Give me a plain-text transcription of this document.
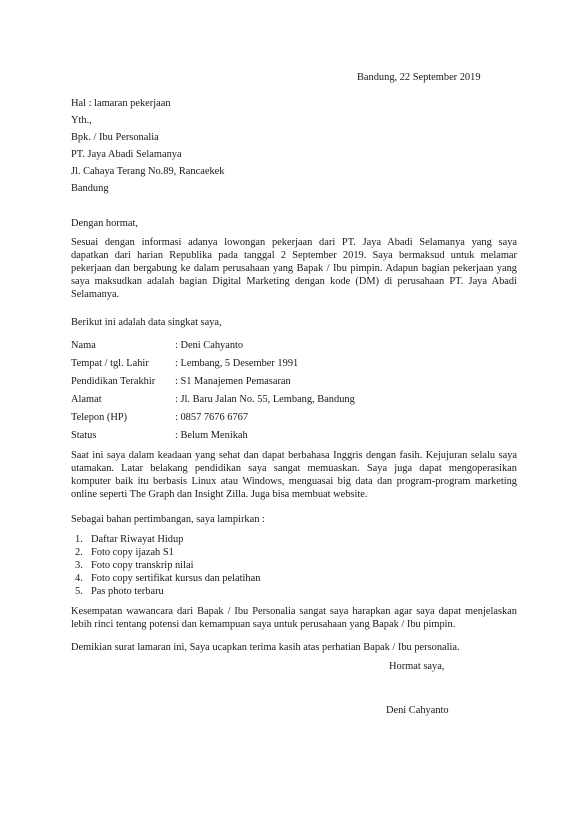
Bandung, 22 September 2019
Hal : lamaran pekerjaan
Yth.,
Bpk. / Ibu Personalia
PT. Jaya Abadi Selamanya
Jl. Cahaya Terang No.89, Rancaekek
Bandung
Dengan hormat,
Sesuai dengan informasi adanya lowongan pekerjaan dari PT. Jaya Abadi Selamanya yang saya
dapatkan dari harian Republika pada tanggal 2 September 2019. Saya bermaksud untuk melamar
pekerjaan dan bergabung ke dalam perusahaan yang Bapak / Ibu pimpin. Adapun bagian pekerjaan yang
saya maksudkan adalah bagian Digital Marketing dengan kode (DM) di perusahaan PT. Jaya Abadi
Selamanya.
Berikut ini adalah data singkat saya,
Nama	: Deni Cahyanto
Tempat / tgl. Lahir	: Lembang, 5 Desember 1991
Pendidikan Terakhir : S1 Manajemen Pemasaran
Alamat	: Jl. Baru Jalan No. 55, Lembang, Bandung
Telepon (HP)	: 0857 7676 6767
Status	: Belum Menikah
Saat ini saya dalam keadaan yang sehat dan dapat berbahasa Inggris dengan fasih. Kejujuran selalu saya
utamakan. Latar belakang pendidikan saya sangat memuaskan. Saya juga dapat mengoperasikan
komputer baik itu berbasis Linux atau Windows, menguasai big data dan program-program marketing
online seperti The Graph dan Insight Zilla. Juga bisa membuat website.
Sebagai bahan pertimbangan, saya lampirkan :
1. Daftar Riwayat Hidup
2. Foto copy ijazah S1
3. Foto copy transkrip nilai
4. Foto copy sertifikat kursus dan pelatihan
5. Pas photo terbaru
Kesempatan wawancara dari Bapak / Ibu Personalia sangat saya harapkan agar saya dapat menjelaskan
lebih rinci tentang potensi dan kemampuan saya untuk perusahaan yang Bapak / Ibu pimpin.
Demikian surat lamaran ini, Saya ucapkan terima kasih atas perhatian Bapak / Ibu personalia.
Hormat saya,
Deni Cahyanto
